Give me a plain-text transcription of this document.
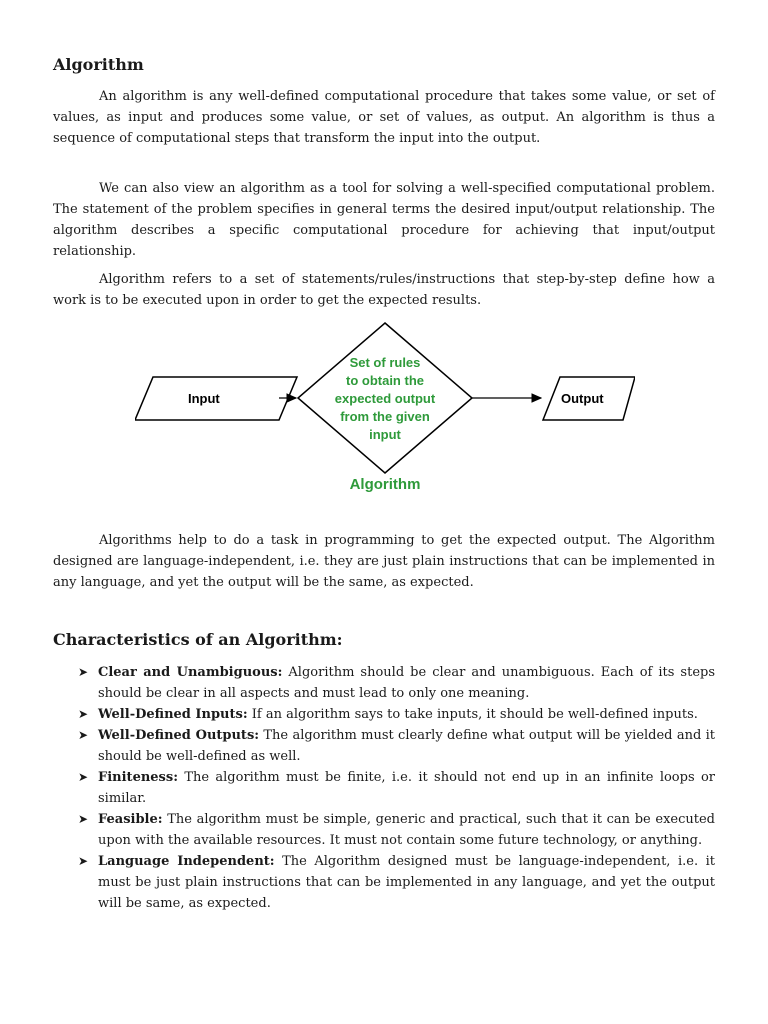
Algorithm

An algorithm is any well-defined computational procedure that takes some value, or set of values, as input and produces some value, or set of values, as output. An algorithm is thus a sequence of computational steps that transform the input into the output.

We can also view an algorithm as a tool for solving a well-specified computational problem. The statement of the problem specifies in general terms the desired input/output relationship. The algorithm describes a specific computational procedure for achieving that input/output relationship.

Algorithm refers to a set of statements/rules/instructions that step-by-step define how a work is to be executed upon in order to get the expected results.

Input
Set of rules to obtain the expected output from the given input
Output
Algorithm

Algorithms help to do a task in programming to get the expected output. The Algorithm designed are language-independent, i.e. they are just plain instructions that can be implemented in any language, and yet the output will be the same, as expected.

Characteristics of an Algorithm:
➤ Clear and Unambiguous: Algorithm should be clear and unambiguous. Each of its steps should be clear in all aspects and must lead to only one meaning.
➤ Well-Defined Inputs: If an algorithm says to take inputs, it should be well-defined inputs.
➤ Well-Defined Outputs: The algorithm must clearly define what output will be yielded and it should be well-defined as well.
➤ Finiteness: The algorithm must be finite, i.e. it should not end up in an infinite loops or similar.
➤ Feasible: The algorithm must be simple, generic and practical, such that it can be executed upon with the available resources. It must not contain some future technology, or anything.
➤ Language Independent: The Algorithm designed must be language-independent, i.e. it must be just plain instructions that can be implemented in any language, and yet the output will be same, as expected.
